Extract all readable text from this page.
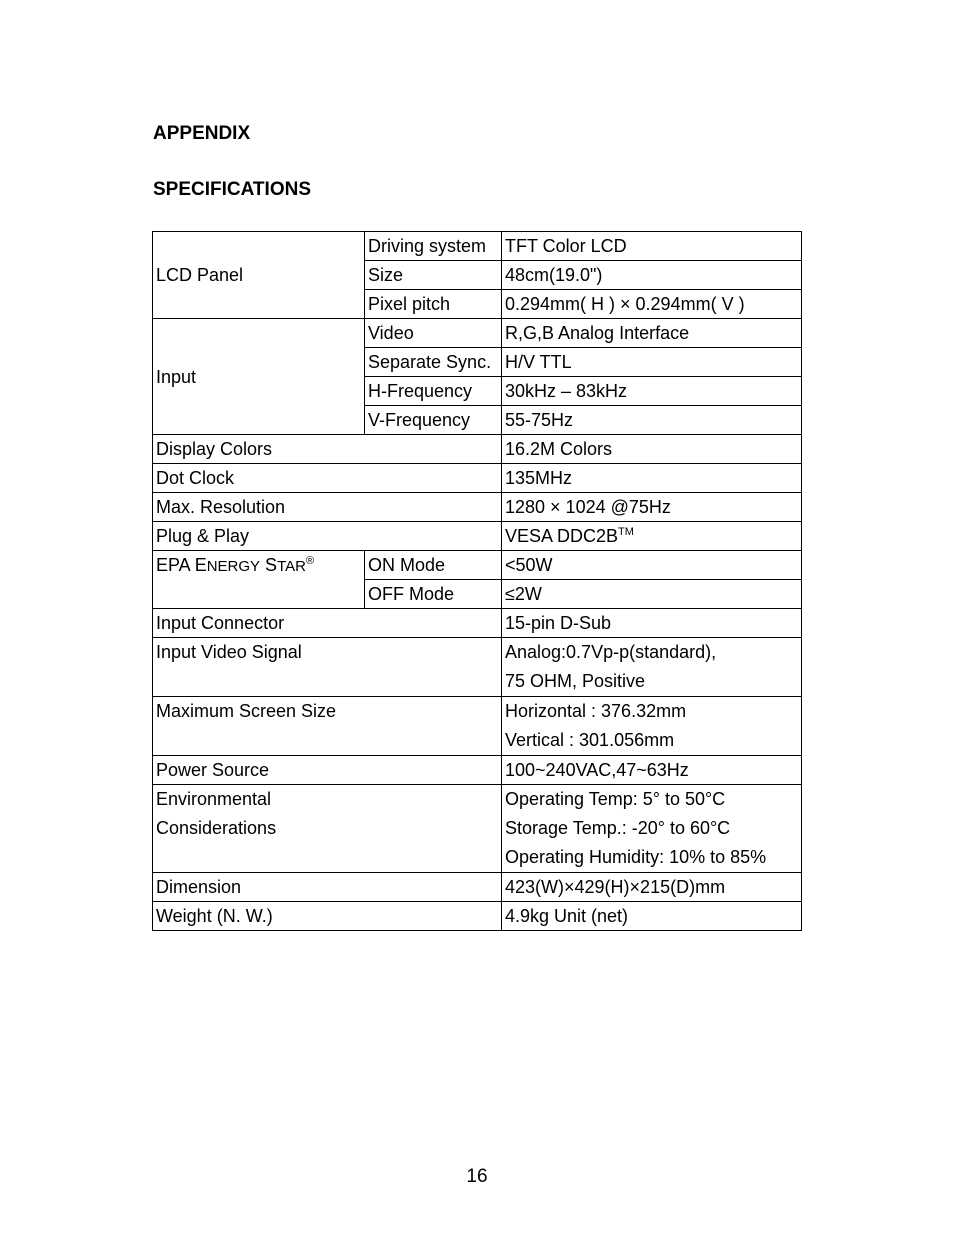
APPENDIX
SPECIFICATIONS
LCD Panel	Driving system	TFT Color LCD
	Size	48cm(19.0")
	Pixel pitch	0.294mm( H ) × 0.294mm( V )
Input	Video	R,G,B Analog Interface
	Separate Sync.	H/V TTL
	H-Frequency	30kHz – 83kHz
	V-Frequency	55-75Hz
Display Colors		16.2M Colors
Dot Clock		135MHz
Max. Resolution		1280 × 1024 @75Hz
Plug & Play		VESA DDC2B™
EPA ENERGY STAR®	ON Mode	<50W
	OFF Mode	≤2W
Input Connector		15-pin D-Sub
Input Video Signal		Analog:0.7Vp-p(standard),
75 OHM, Positive

Maximum Screen Size		Horizontal : 376.32mm
Vertical : 301.056mm

Power Source		100~240VAC,47~63Hz

Environmental
Considerations		Operating Temp: 5° to 50°C
Storage Temp.: -20° to 60°C
Operating Humidity: 10% to 85%

Dimension		423(W)×429(H)×215(D)mm
Weight (N. W.)		4.9kg Unit (net)
16
